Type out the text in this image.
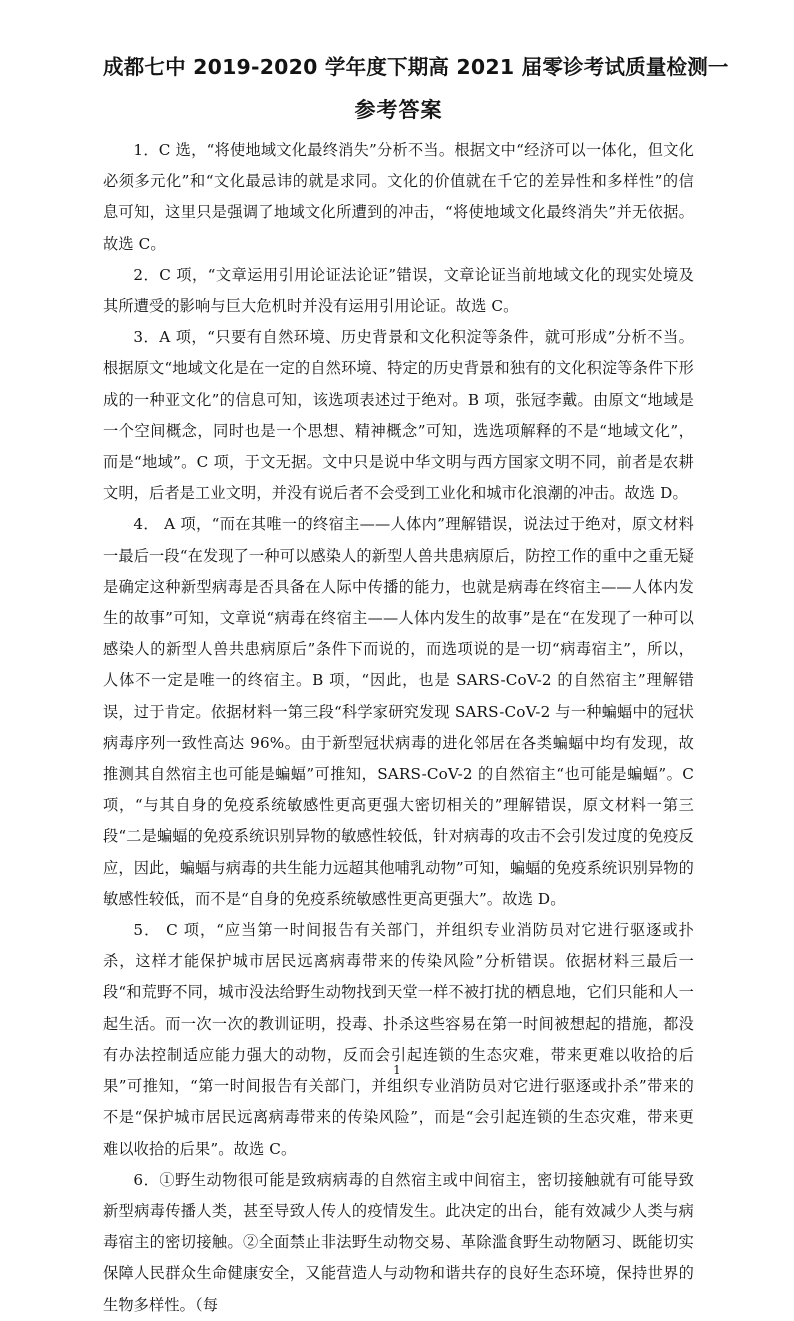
成都七中 2019-2020 学年度下期高 2021 届零诊考试质量检测一
参考答案

1．C 选，“将使地域文化最终消失”分析不当。根据文中“经济可以一体化，但文化必须多元化”和“文化最忌讳的就是求同。文化的价值就在千它的差异性和多样性”的信息可知，这里只是强调了地域文化所遭到的冲击，“将使地域文化最终消失”并无依据。故选 C。

2．C 项，“文章运用引用论证法论证”错误，文章论证当前地域文化的现实处境及其所遭受的影响与巨大危机时并没有运用引用论证。故选 C。

3．A 项，“只要有自然环境、历史背景和文化积淀等条件，就可形成”分析不当。根据原文“地域文化是在一定的自然环境、特定的历史背景和独有的文化积淀等条件下形成的一种亚文化”的信息可知，该选项表述过于绝对。B 项，张冠李戴。由原文“地域是一个空间概念，同时也是一个思想、精神概念”可知，选选项解释的不是“地域文化”，而是“地域”。C 项，于文无据。文中只是说中华文明与西方国家文明不同，前者是农耕文明，后者是工业文明，并没有说后者不会受到工业化和城市化浪潮的冲击。故选 D。

4． A 项，“而在其唯一的终宿主——人体内”理解错误，说法过于绝对，原文材料一最后一段“在发现了一种可以感染人的新型人兽共患病原后，防控工作的重中之重无疑是确定这种新型病毒是否具备在人际中传播的能力，也就是病毒在终宿主——人体内发生的故事”可知，文章说“病毒在终宿主——人体内发生的故事”是在“在发现了一种可以感染人的新型人兽共患病原后”条件下而说的，而选项说的是一切“病毒宿主”，所以，人体不一定是唯一的终宿主。B 项，“因此，也是 SARS-CoV-2 的自然宿主”理解错误，过于肯定。依据材料一第三段“科学家研究发现 SARS-CoV-2 与一种蝙蝠中的冠状病毒序列一致性高达 96%。由于新型冠状病毒的进化邻居在各类蝙蝠中均有发现，故推测其自然宿主也可能是蝙蝠”可推知，SARS-CoV-2 的自然宿主“也可能是蝙蝠”。C 项，“与其自身的免疫系统敏感性更高更强大密切相关的”理解错误，原文材料一第三段“二是蝙蝠的免疫系统识别异物的敏感性较低，针对病毒的攻击不会引发过度的免疫反应，因此，蝙蝠与病毒的共生能力远超其他哺乳动物”可知，蝙蝠的免疫系统识别异物的敏感性较低，而不是“自身的免疫系统敏感性更高更强大”。故选 D。

5． C 项，“应当第一时间报告有关部门，并组织专业消防员对它进行驱逐或扑杀，这样才能保护城市居民远离病毒带来的传染风险”分析错误。依据材料三最后一段“和荒野不同，城市没法给野生动物找到天堂一样不被打扰的栖息地，它们只能和人一起生活。而一次一次的教训证明，投毒、扑杀这些容易在第一时间被想起的措施，都没有办法控制适应能力强大的动物，反而会引起连锁的生态灾难，带来更难以收拾的后果”可推知，“第一时间报告有关部门，并组织专业消防员对它进行驱逐或扑杀”带来的不是“保护城市居民远离病毒带来的传染风险”，而是“会引起连锁的生态灾难，带来更难以收拾的后果”。故选 C。

6．①野生动物很可能是致病病毒的自然宿主或中间宿主，密切接触就有可能导致新型病毒传播人类，甚至导致人传人的疫情发生。此决定的出台，能有效减少人类与病毒宿主的密切接触。②全面禁止非法野生动物交易、革除滥食野生动物陋习、既能切实保障人民群众生命健康安全，又能营造人与动物和谐共存的良好生态环境，保持世界的生物多样性。（每

1
